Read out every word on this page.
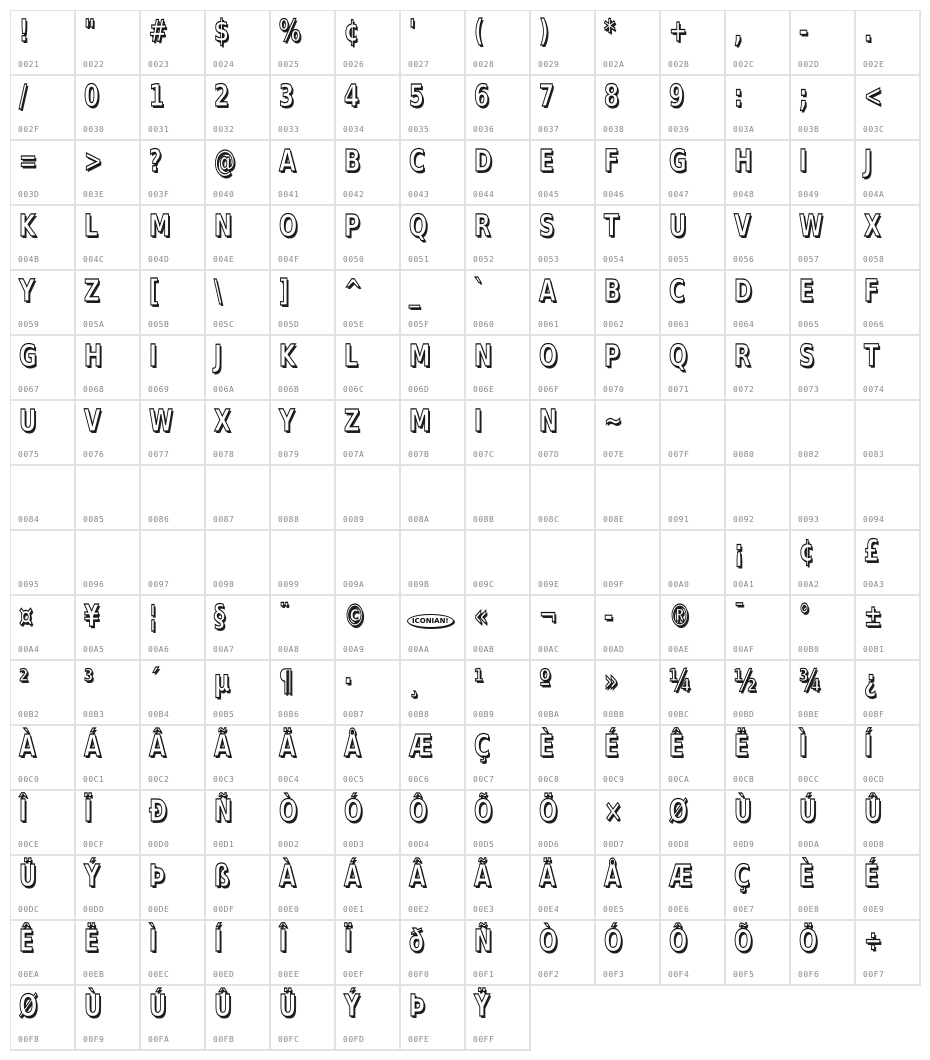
!
0021
"
0022
#
0023
$
0024
%
0025
¢
0026
'
0027
(
0028
)
0029
*
002A
+
002B
,
002C
-
002D
.
002E
/
002F
0
0030
1
0031
2
0032
3
0033
4
0034
5
0035
6
0036
7
0037
8
0038
9
0039
:
003A
;
003B
<
003C
=
003D
>
003E
?
003F
@
0040
A
0041
B
0042
C
0043
D
0044
E
0045
F
0046
G
0047
H
0048
I
0049
J
004A
K
004B
L
004C
M
004D
N
004E
O
004F
P
0050
Q
0051
R
0052
S
0053
T
0054
U
0055
V
0056
W
0057
X
0058
Y
0059
Z
005A
[
005B
\
005C
]
005D
^
005E
_
005F
`
0060
A
0061
B
0062
C
0063
D
0064
E
0065
F
0066
G
0067
H
0068
I
0069
J
006A
K
006B
L
006C
M
006D
N
006E
O
006F
P
0070
Q
0071
R
0072
S
0073
T
0074
U
0075
V
0076
W
0077
X
0078
Y
0079
Z
007A
M
007B
I
007C
N
007D
~
007E	007F	0080	0082	0083
0084	0085	0086	0087	0088	0089	008A	008B	008C	008E	0091	0092	0093	0094
0095	0096	0097	0098	0099	009A	009B	009C	009E	009F	00A0
¡
00A1
¢
00A2
£
00A3
¤
00A4
¥
00A5
¦
00A6
§
00A7
¨
00A8
©
00A9
ICONIAN!
00AA
«
00AB
¬
00AC
-
00AD
®
00AE
¯
00AF
°
00B0
±
00B1
²
00B2
³
00B3
´
00B4
µ
00B5
¶
00B6
·
00B7
¸
00B8
¹
00B9
º
00BA
»
00BB
¼
00BC
½
00BD
¾
00BE
¿
00BF
À
00C0
Á
00C1
Â
00C2
Ã
00C3
Ä
00C4
Å
00C5
Æ
00C6
Ç
00C7
È
00C8
É
00C9
Ê
00CA
Ë
00CB
Ì
00CC
Í
00CD
Î
00CE
Ï
00CF
Ð
00D0
Ñ
00D1
Ò
00D2
Ó
00D3
Ô
00D4
Õ
00D5
Ö
00D6
×
00D7
Ø
00D8
Ù
00D9
Ú
00DA
Û
00DB
Ü
00DC
Ý
00DD
Þ
00DE
ß
00DF
À
00E0
Á
00E1
Â
00E2
Ã
00E3
Ä
00E4
Å
00E5
Æ
00E6
Ç
00E7
È
00E8
É
00E9
Ê
00EA
Ë
00EB
Ì
00EC
Í
00ED
Î
00EE
Ï
00EF
ð
00F0
Ñ
00F1
Ò
00F2
Ó
00F3
Ô
00F4
Õ
00F5
Ö
00F6
÷
00F7
Ø
00F8
Ù
00F9
Ú
00FA
Û
00FB
Ü
00FC
Ý
00FD
Þ
00FE
Ÿ
00FF
